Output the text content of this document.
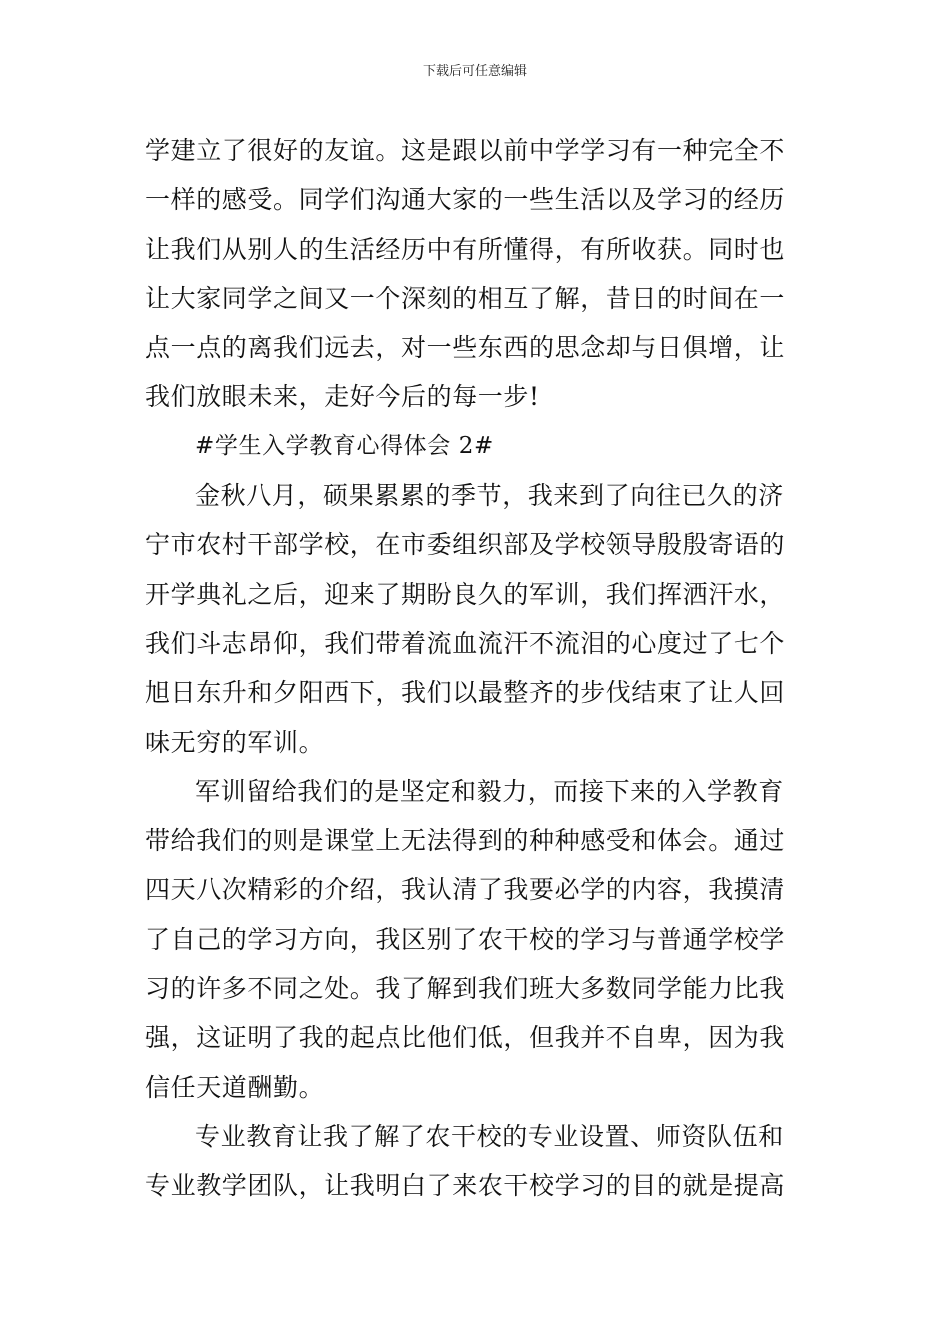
下载后可任意编辑
学建立了很好的友谊。这是跟以前中学学习有一种完全不
一样的感受。同学们沟通大家的一些生活以及学习的经历
让我们从别人的生活经历中有所懂得，有所收获。同时也
让大家同学之间又一个深刻的相互了解，昔日的时间在一
点一点的离我们远去，对一些东西的思念却与日俱增，让
我们放眼未来，走好今后的每一步!
#学生入学教育心得体会 2#
金秋八月，硕果累累的季节，我来到了向往已久的济
宁市农村干部学校，在市委组织部及学校领导殷殷寄语的
开学典礼之后，迎来了期盼良久的军训，我们挥洒汗水，
我们斗志昂仰，我们带着流血流汗不流泪的心度过了七个
旭日东升和夕阳西下，我们以最整齐的步伐结束了让人回
味无穷的军训。
军训留给我们的是坚定和毅力，而接下来的入学教育
带给我们的则是课堂上无法得到的种种感受和体会。通过
四天八次精彩的介绍，我认清了我要必学的内容，我摸清
了自己的学习方向，我区别了农干校的学习与普通学校学
习的许多不同之处。我了解到我们班大多数同学能力比我
强，这证明了我的起点比他们低，但我并不自卑，因为我
信任天道酬勤。
专业教育让我了解了农干校的专业设置、师资队伍和
专业教学团队，让我明白了来农干校学习的目的就是提高
